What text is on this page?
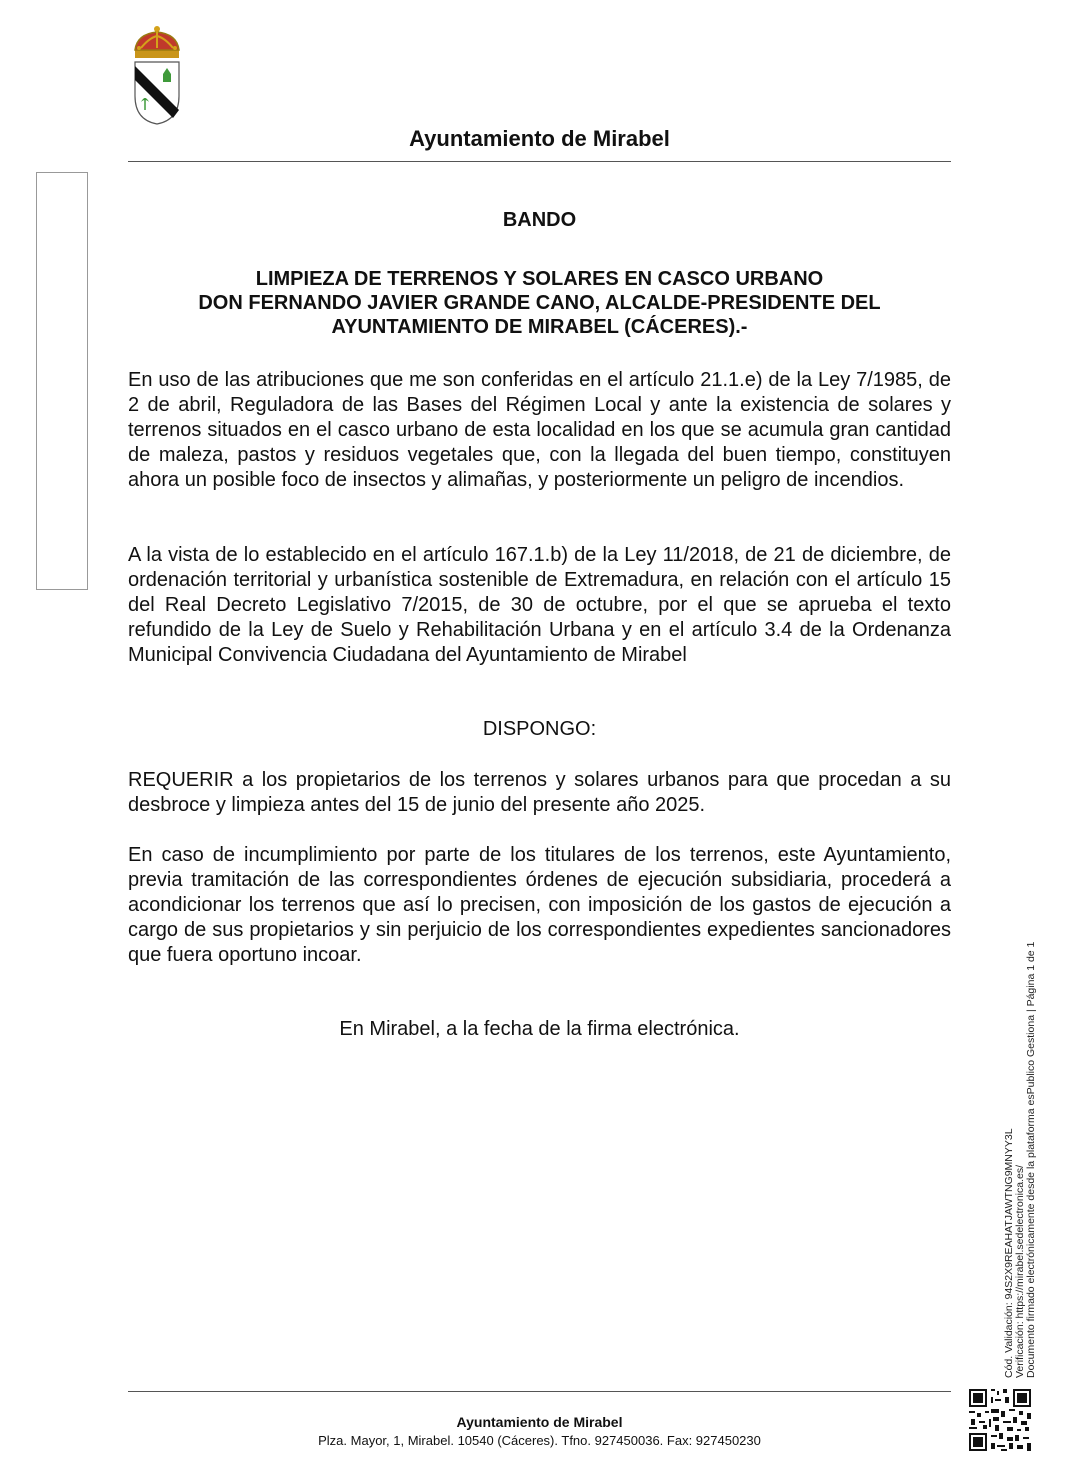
Ayuntamiento de Mirabel
BANDO
LIMPIEZA DE TERRENOS Y SOLARES EN CASCO URBANO
DON FERNANDO JAVIER GRANDE CANO, ALCALDE-PRESIDENTE DEL
AYUNTAMIENTO DE MIRABEL (CÁCERES).-

En uso de las atribuciones que me son conferidas en el artículo 21.1.e) de la Ley 7/1985, de 2 de abril, Reguladora de las Bases del Régimen Local y ante la existencia de solares y terrenos situados en el casco urbano de esta localidad en los que se acumula gran cantidad de maleza, pastos y residuos vegetales que, con la llegada del buen tiempo, constituyen ahora un posible foco de insectos y alimañas, y posteriormente un peligro de incendios.

A la vista de lo establecido en el artículo 167.1.b) de la Ley 11/2018, de 21 de diciembre, de ordenación territorial y urbanística sostenible de Extremadura, en relación con el artículo 15 del Real Decreto Legislativo 7/2015, de 30 de octubre, por el que se aprueba el texto refundido de la Ley de Suelo y Rehabilitación Urbana y en el artículo 3.4 de la Ordenanza Municipal Convivencia Ciudadana del Ayuntamiento de Mirabel

DISPONGO:

REQUERIR a los propietarios de los terrenos y solares urbanos para que procedan a su desbroce y limpieza antes del 15 de junio del presente año 2025.

En caso de incumplimiento por parte de los titulares de los terrenos, este Ayuntamiento, previa tramitación de las correspondientes órdenes de ejecución subsidiaria, procederá a acondicionar los terrenos que así lo precisen, con imposición de los gastos de ejecución a cargo de sus propietarios y sin perjuicio de los correspondientes expedientes sancionadores que fuera oportuno incoar.

En Mirabel, a la fecha de la firma electrónica.
Ayuntamiento de Mirabel
Plza. Mayor, 1, Mirabel. 10540 (Cáceres). Tfno. 927450036. Fax: 927450230
Cód. Validación: 94S2X9REAHATJAWTNG9MNYY3L Verificación: https://mirabel.sedelectronica.es/ Documento firmado electrónicamente desde la plataforma esPublico Gestiona | Página 1 de 1
